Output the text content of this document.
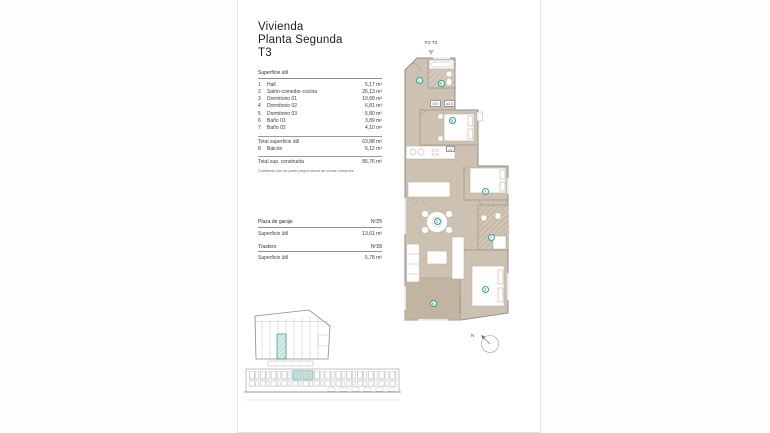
Vivienda
Planta Segunda
T3
Superficie útil
1	Hall	5,17 m²
2	Salón-comedor-cocina	26,13 m²
3	Dormitorio 01	10,68 m²
4	Dormitorio 02	6,81 m²
5	Dormitorio 03	5,80 m²
6	Baño 01	3,89 m²
7	Baño 02	4,10 m²
Total superficie útil	63,88 m²
8	Balcón	6,12 m²
Total sup. construida	85,76 m²
Contando con su parte proporcional de zonas comunes
Plaza de garaje	Nº25
Superficie útil	13,61 m²
Trastero	Nº28
Superficie útil	5,78 m²
P2 T3
1
6
5
2
4
7
3
8
LVD	ACS
LV
N
